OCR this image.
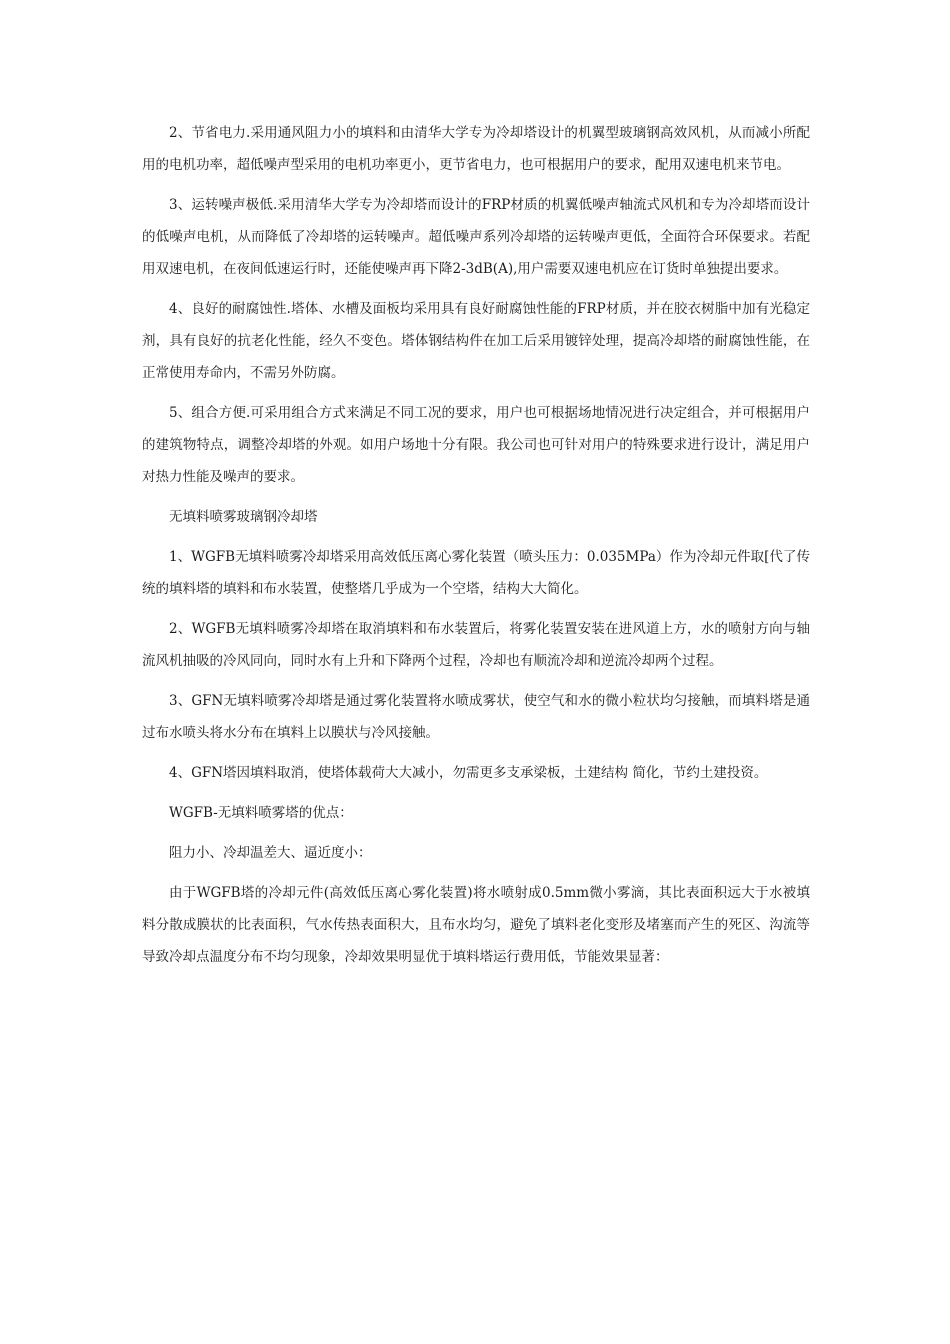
2、节省电力.采用通风阻力小的填料和由清华大学专为冷却塔设计的机翼型玻璃钢高效风机，从而减小所配用的电机功率，超低噪声型采用的电机功率更小，更节省电力，也可根据用户的要求，配用双速电机来节电。

3、运转噪声极低.采用清华大学专为冷却塔而设计的FRP材质的机翼低噪声轴流式风机和专为冷却塔而设计的低噪声电机，从而降低了冷却塔的运转噪声。超低噪声系列冷却塔的运转噪声更低，全面符合环保要求。若配用双速电机，在夜间低速运行时，还能使噪声再下降2-3dB(A),用户需要双速电机应在订货时单独提出要求。

4、良好的耐腐蚀性.塔体、水槽及面板均采用具有良好耐腐蚀性能的FRP材质，并在胶衣树脂中加有光稳定剂，具有良好的抗老化性能，经久不变色。塔体钢结构件在加工后采用镀锌处理，提高冷却塔的耐腐蚀性能，在正常使用寿命内，不需另外防腐。

5、组合方便.可采用组合方式来满足不同工况的要求，用户也可根据场地情况进行决定组合，并可根据用户的建筑物特点，调整冷却塔的外观。如用户场地十分有限。我公司也可针对用户的特殊要求进行设计，满足用户对热力性能及噪声的要求。

无填料喷雾玻璃钢冷却塔

1、WGFB无填料喷雾冷却塔采用高效低压离心雾化装置（喷头压力：0.035MPa）作为冷却元件取[代了传统的填料塔的填料和布水装置，使整塔几乎成为一个空塔，结构大大简化。

2、WGFB无填料喷雾冷却塔在取消填料和布水装置后，将雾化装置安装在进风道上方，水的喷射方向与轴流风机抽吸的冷风同向，同时水有上升和下降两个过程，冷却也有顺流冷却和逆流冷却两个过程。

3、GFN无填料喷雾冷却塔是通过雾化装置将水喷成雾状，使空气和水的微小粒状均匀接触，而填料塔是通过布水喷头将水分布在填料上以膜状与冷风接触。

4、GFN塔因填料取消，使塔体载荷大大减小，勿需更多支承梁板，土建结构 简化，节约土建投资。

WGFB-无填料喷雾塔的优点：

阻力小、冷却温差大、逼近度小：

由于WGFB塔的冷却元件(高效低压离心雾化装置)将水喷射成0.5mm微小雾滴，其比表面积远大于水被填料分散成膜状的比表面积，气水传热表面积大，且布水均匀，避免了填料老化变形及堵塞而产生的死区、沟流等导致冷却点温度分布不均匀现象，冷却效果明显优于填料塔运行费用低，节能效果显著：
